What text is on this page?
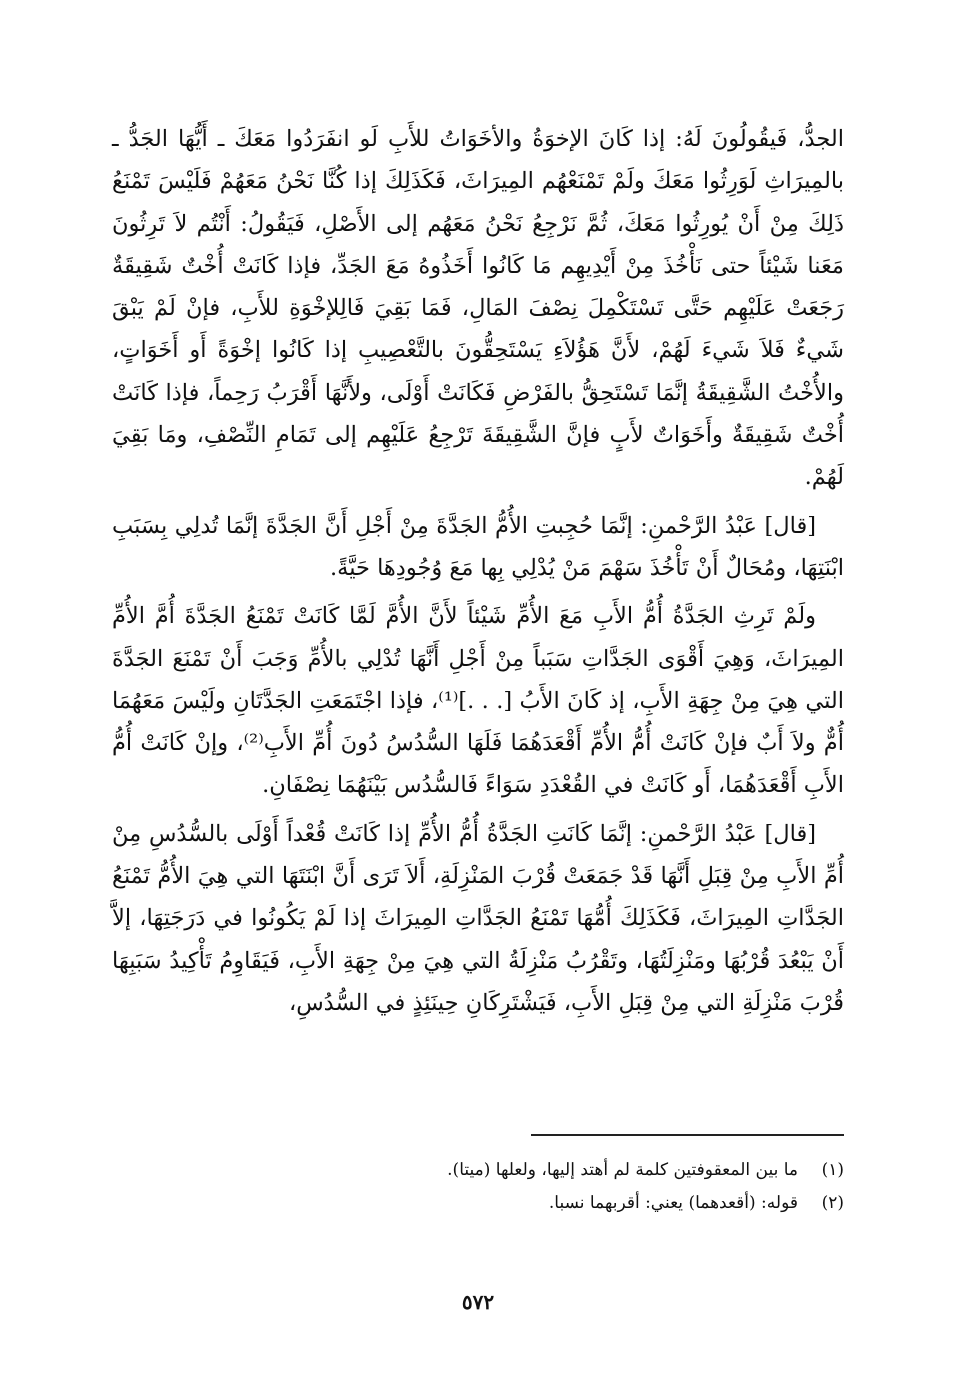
الجدُّ، فَيقُولُونَ لَهُ: إذا كَانَ الإخوَةُ والأخَوَاتُ للأَبِ لَو انفَرَدُوا مَعَكَ ـ أَيُّهَا الجَدُّ ـ بالمِيرَاثِ لَوَرِثُوا مَعَكَ ولَمْ تَمْنَعْهُم المِيرَاثَ، فَكَذَلِكَ إذا كُنَّا نَحْنُ مَعَهُمْ فَلَيْسَ تَمْنَعُ ذَلِكَ مِنْ أَنْ يُورِثُوا مَعَكَ، ثُمَّ نَرْجِعُ نَحْنُ مَعَهُم إلى الأَصْلِ، فَيَقُولُ: أَنْتُم لاَ تَرِثُونَ مَعَنا شَيْئاً حتى نَأْخُذَ مِنْ أَيْدِيهِم مَا كَانُوا أَخَذُوهُ مَعَ الجَدِّ، فإذا كَانَتْ أُخْتٌ شَقِيقَةٌ رَجَعَتْ عَلَيْهِم حَتَّى تَسْتَكْمِلَ نِصْفَ المَالِ، فَمَا بَقِيَ فَالِلإخْوَةِ للأَبِ، فإنْ لَمْ يَبْقَ شَيءٌ فَلاَ شَيءَ لَهُمْ، لأَنَّ هَؤُلاَءِ يَسْتَحِقُّونَ بالتَّعْصِيبِ إذا كَانُوا إخْوَةً أَو أَخَوَاتٍ، والأُخْتُ الشَّقِيقَةُ إنَّمَا تَسْتَحِقُّ بالفَرْضِ فَكَانَتْ أَوْلَى، ولأَنَّهَا أَقْرَبُ رَحِماً، فإذا كَانَتْ أُخْتٌ شَقِيقَةٌ وأَخَوَاتٌ لأَبٍ فإنَّ الشَّقِيقَةَ تَرْجِعُ عَلَيْهِم إلى تَمَامِ النِّصْفِ، ومَا بَقِيَ لَهُمْ.

[قال] عَبْدُ الرَّحْمنِ: إنَّمَا حُجِبتِ الأُمُّ الجَدَّةَ مِنْ أَجْلِ أَنَّ الجَدَّةَ إنَّمَا تُدلِي بِسَبَبِ ابْنَتِهَا، ومُحَالٌ أَنْ تَأْخُذَ سَهْمَ مَنْ يُدْلِي بِها مَعَ وُجُودِهَا حَيَّةً.

ولَمْ تَرِثِ الجَدَّةُ أُمُّ الأَبِ مَعَ الأُمِّ شَيْئاً لأَنَّ الأُمَّ لَمَّا كَانَتْ تَمْنَعُ الجَدَّةَ أُمَّ الأُمِّ المِيرَاثَ، وَهِيَ أَقْوَى الجَدَّاتِ سَبَباً مِنْ أَجْلِ أَنَّهَا تُدْلِي بالأُمِّ وَجَبَ أَنْ تَمْنَعَ الجَدَّةَ التي هِيَ مِنْ جِهَةِ الأَبِ، إذ كَانَ الأَبُ [. . .]⁽¹⁾، فإذا اجْتَمَعَتِ الجَدَّتَانِ ولَيْسَ مَعَهُمَا أُمٌّ ولاَ أَبٌ فإنْ كَانَتْ أُمُّ الأُمِّ أَقْعَدَهُمَا فَلَهَا السُّدُسُ دُونَ أُمِّ الأَبِ⁽²⁾، وإنْ كَانَتْ أُمُّ الأَبِ أَقْعَدَهُمَا، أَو كَانَتْ في القُعْدَدِ سَوَاءً فَالسُّدُس بَيْنَهُمَا نِصْفَانِ.

[قال] عَبْدُ الرَّحْمنِ: إنَّمَا كَانَتِ الجَدَّةُ أُمُّ الأُمِّ إذا كَانَتْ قُعْداً أَوْلَى بالسُّدُسِ مِنْ أُمِّ الأَبِ مِنْ قِبَلِ أَنَّهَا قَدْ جَمَعَتْ قُرْبَ المَنْزِلَةِ، أَلاَ تَرَى أَنَّ ابْنَتَهَا التي هِيَ الأُمُّ تَمْنَعُ الجَدَّاتِ المِيرَاثَ، فَكَذَلِكَ أُمُّهَا تَمْنَعُ الجَدَّاتِ المِيرَاثَ إذا لَمْ يَكُونُوا في دَرَجَتِهَا، إلاَّ أَنْ يَبْعُدَ قُرْبُهَا ومَنْزِلَتُهَا، وتَقْرُبُ مَنْزِلَةُ التي هِيَ مِنْ جِهَةِ الأَبِ، فَيَقَاوِمُ تَأْكِيدُ سَبَبِهَا قُرْبَ مَنْزِلَةِ التي مِنْ قِبَلِ الأَبِ، فَيَشْتَرِكَانِ حِينَئِذٍ في السُّدُسِ،

(١)ما بين المعقوفتين كلمة لم أهتد إليها، ولعلها (ميتا).
(٢)قوله: (أقعدهما) يعني: أقربهما نسبا.
٥٧٢
